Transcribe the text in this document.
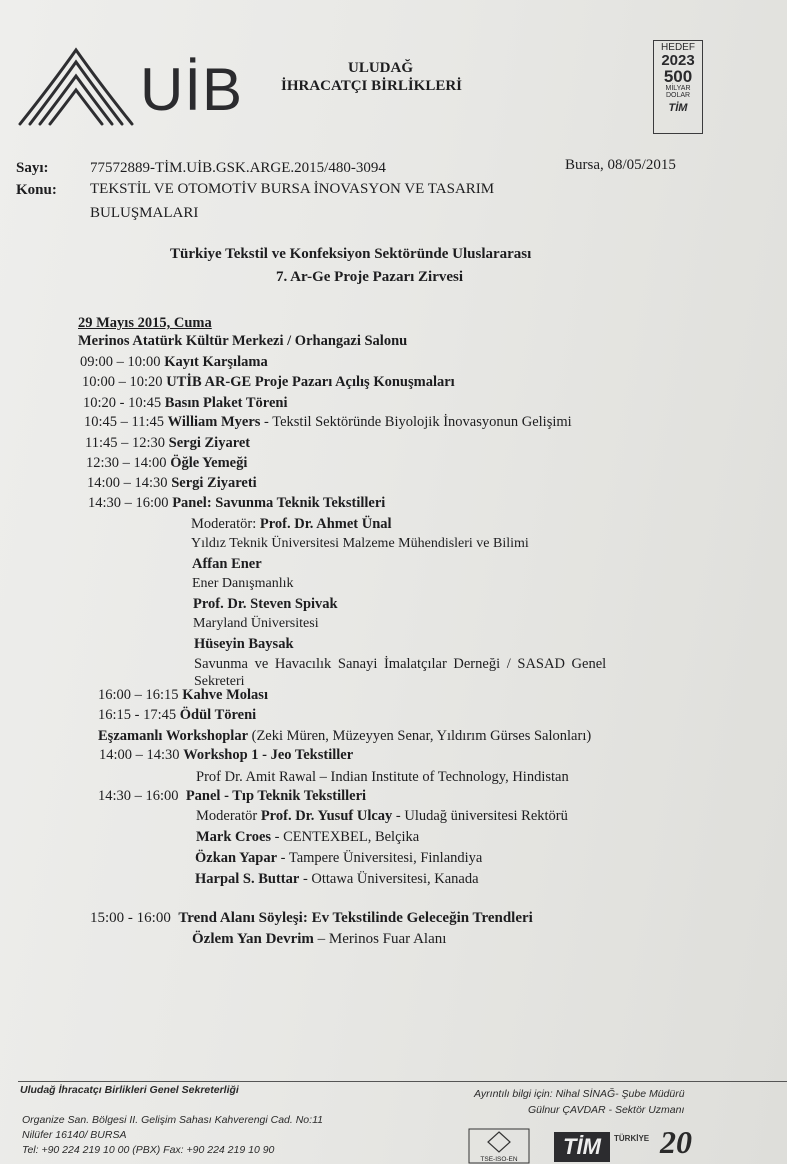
UİB	ULUDAĞ
İHRACATÇI BİRLİKLERİ
HEDEF
2023
500
MİLYAR
DOLAR
TİM
Sayı:	77572889-TİM.UİB.GSK.ARGE.2015/480-3094	Bursa, 08/05/2015
Konu: TEKSTİL VE OTOMOTİV BURSA İNOVASYON VE TASARIM
BULUŞMALARI
Türkiye Tekstil ve Konfeksiyon Sektöründe Uluslararası
7. Ar-Ge Proje Pazarı Zirvesi
29 Mayıs 2015, Cuma
Merinos Atatürk Kültür Merkezi / Orhangazi Salonu
09:00 – 10:00 Kayıt Karşılama
10:00 – 10:20 UTİB AR-GE Proje Pazarı Açılış Konuşmaları
10:20 - 10:45 Basın Plaket Töreni
10:45 – 11:45 William Myers - Tekstil Sektöründe Biyolojik İnovasyonun Gelişimi
11:45 – 12:30 Sergi Ziyaret
12:30 – 14:00 Öğle Yemeği
14:00 – 14:30 Sergi Ziyareti
14:30 – 16:00 Panel: Savunma Teknik Tekstilleri
Moderatör: Prof. Dr. Ahmet Ünal
Yıldız Teknik Üniversitesi Malzeme Mühendisleri ve Bilimi
Affan Ener
Ener Danışmanlık
Prof. Dr. Steven Spivak
Maryland Üniversitesi
Hüseyin Baysak
Savunma ve Havacılık Sanayi İmalatçılar Derneği / SASAD Genel
Sekreteri
16:00 – 16:15 Kahve Molası
16:15 - 17:45 Ödül Töreni
Eşzamanlı Workshoplar (Zeki Müren, Müzeyyen Senar, Yıldırım Gürses Salonları)
14:00 – 14:30 Workshop 1 - Jeo Tekstiller
Prof Dr. Amit Rawal – Indian Institute of Technology, Hindistan
14:30 – 16:00 Panel - Tıp Teknik Tekstilleri
Moderatör Prof. Dr. Yusuf Ulcay - Uludağ üniversitesi Rektörü
Mark Croes - CENTEXBEL, Belçika
Özkan Yapar - Tampere Üniversitesi, Finlandiya
Harpal S. Buttar - Ottawa Üniversitesi, Kanada
15:00 - 16:00 Trend Alanı Söyleşi: Ev Tekstilinde Geleceğin Trendleri
Özlem Yan Devrim – Merinos Fuar Alanı
Uludağ İhracatçı Birlikleri Genel Sekreterliği	Ayrıntılı bilgi için: Nihal SİNAĞ- Şube Müdürü
Gülnur ÇAVDAR - Sektör Uzmanı
Organize San. Bölgesi II. Gelişim Sahası Kahverengi Cad. No:11
Nilüfer 16140/ BURSA
Tel: +90 224 219 10 00 (PBX) Fax: +90 224 219 10 90
TSE-ISO-EN
TİM	TÜRKİYE 20
